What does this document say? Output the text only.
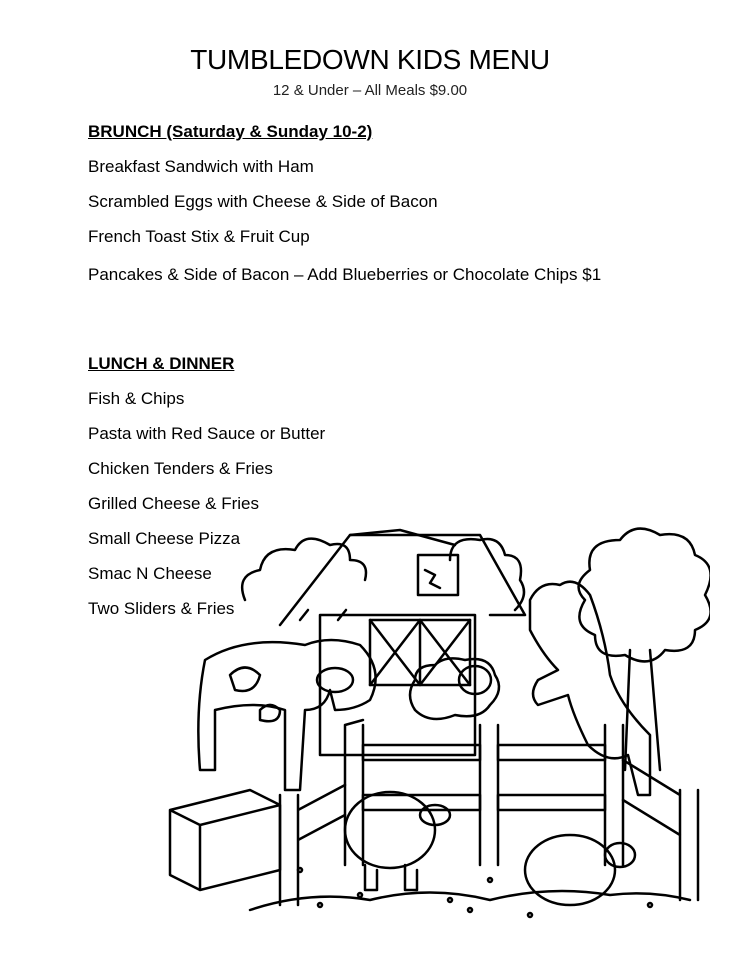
TUMBLEDOWN KIDS MENU
12 & Under – All Meals $9.00
BRUNCH (Saturday & Sunday 10-2)
Breakfast Sandwich with Ham
Scrambled Eggs with Cheese & Side of Bacon
French Toast Stix & Fruit Cup
Pancakes & Side of Bacon – Add Blueberries or Chocolate Chips $1
LUNCH & DINNER
Fish & Chips
Pasta with Red Sauce or Butter
Chicken Tenders & Fries
Grilled Cheese & Fries
Small Cheese Pizza
Smac N Cheese
Two Sliders & Fries
